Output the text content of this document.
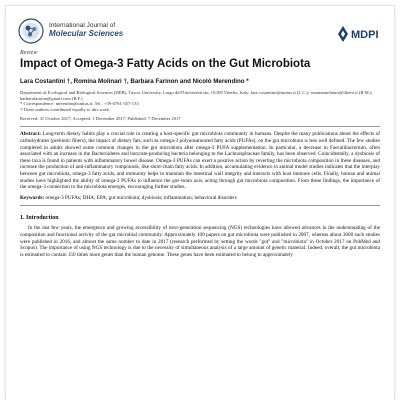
International Journal of
Molecular Sciences	MDPI
Review
Impact of Omega-3 Fatty Acids on the Gut Microbiota
Lara Costantini †, Romina Molinari †, Barbara Farinon and Nicolò Merendino *
Department of Ecological and Biological Sciences (DEB), Tuscia University, Largo dell'Università snc, 01100 Viterbo, Italy; lara.costantini@unitus.it (L.C.); rominamolinari@libero.it (R.M.); barbarafarinon@gmail.com (B.F.)
* Correspondence: merendin@unitus.it; Tel.: +39-0761-357-133
† These authors contributed equally to this work.
Received: 31 October 2017; Accepted: 1 December 2017; Published: 7 December 2017

Abstract: Long-term dietary habits play a crucial role in creating a host-specific gut microbiota community in humans. Despite the many publications about the effects of carbohydrates (prebiotic fibers), the impact of dietary fats, such as omega-3 polyunsaturated fatty acids (PUFAs), on the gut microbiota is less well defined. The few studies completed in adults showed some common changes in the gut microbiota after omega-3 PUFA supplementation. In particular, a decrease in Faecalibacterium, often associated with an increase in the Bacteroidetes and butyrate-producing bacteria belonging to the Lachnospiraceae family, has been observed. Coincidentally, a dysbiosis of these taxa is found in patients with inflammatory bowel disease. Omega-3 PUFAs can exert a positive action by reverting the microbiota composition in these diseases, and increase the production of anti-inflammatory compounds, like short-chain fatty acids. In addition, accumulating evidence in animal model studies indicates that the interplay between gut microbiota, omega-3 fatty acids, and immunity helps to maintain the intestinal wall integrity and interacts with host immune cells. Finally, human and animal studies have highlighted the ability of omega-3 PUFAs to influence the gut–brain axis, acting through gut microbiota composition. From these findings, the importance of the omega-3 connection to the microbiota emerges, encouraging further studies.

Keywords: omega-3 PUFAs; DHA; EPA; gut microbiota; dysbiosis; inflammation; behavioral disorders

1. Introduction

In the last few years, the emergence and growing accessibility of next-generation sequencing (NGS) technologies have allowed advances in the understanding of the composition and functional activity of the gut microbial community. Approximately 100 papers on gut microbiota were published in 2007, whereas about 3000 such studies were published in 2016, and almost the same number to date in 2017 (research performed by setting the words "gut" and "microbiota" in October 2017 on PubMed and Scopus). The importance of using NGS technology is due to the necessity of simultaneous analysis of a large amount of genetic material. Indeed, overall, the gut microbiota is estimated to contain 150 times more genes than the human genome. These genes have been estimated to belong to approximately
